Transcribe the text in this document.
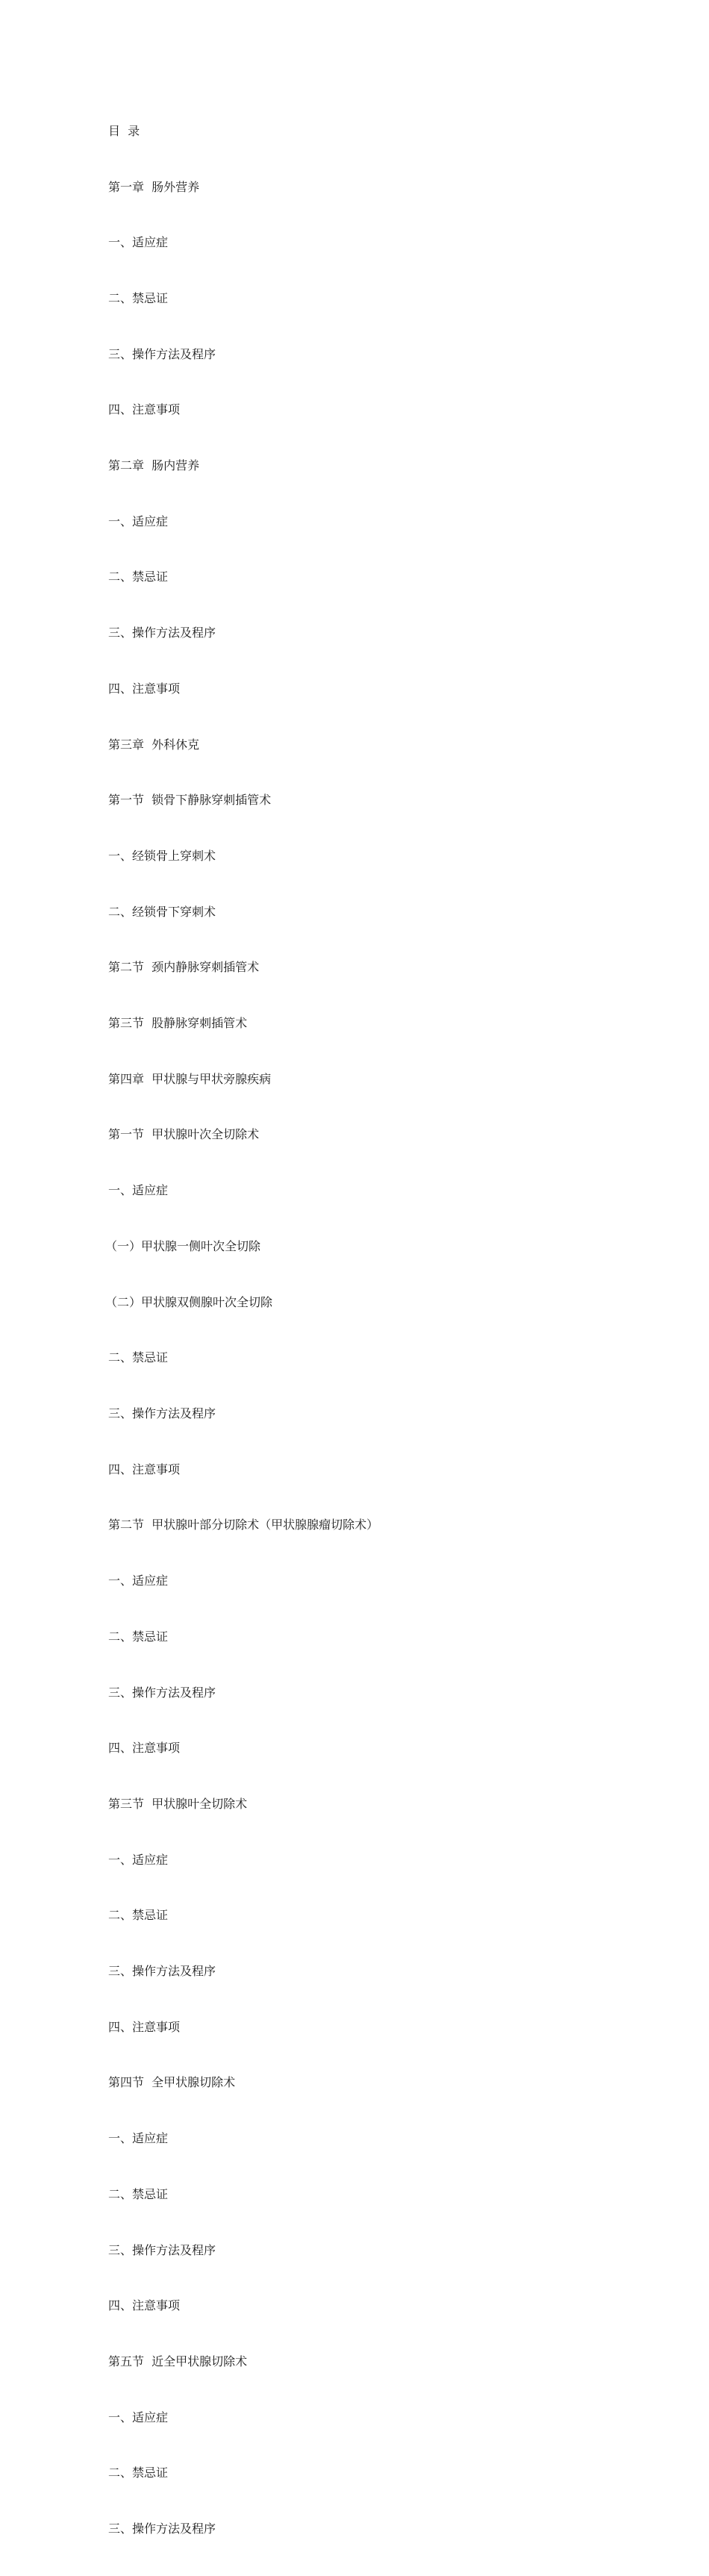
目  录

第一章  肠外营养

一、适应症

二、禁忌证

三、操作方法及程序

四、注意事项

第二章  肠内营养

一、适应症

二、禁忌证

三、操作方法及程序

四、注意事项

第三章  外科休克

第一节  锁骨下静脉穿刺插管术

一、经锁骨上穿刺术

二、经锁骨下穿刺术

第二节  颈内静脉穿刺插管术

第三节  股静脉穿刺插管术

第四章  甲状腺与甲状旁腺疾病

第一节  甲状腺叶次全切除术

一、适应症

（一）甲状腺一侧叶次全切除

（二）甲状腺双侧腺叶次全切除

二、禁忌证

三、操作方法及程序

四、注意事项

第二节  甲状腺叶部分切除术（甲状腺腺瘤切除术）

一、适应症

二、禁忌证

三、操作方法及程序

四、注意事项

第三节  甲状腺叶全切除术

一、适应症

二、禁忌证

三、操作方法及程序

四、注意事项

第四节  全甲状腺切除术

一、适应症

二、禁忌证

三、操作方法及程序

四、注意事项

第五节  近全甲状腺切除术

一、适应症

二、禁忌证

三、操作方法及程序
